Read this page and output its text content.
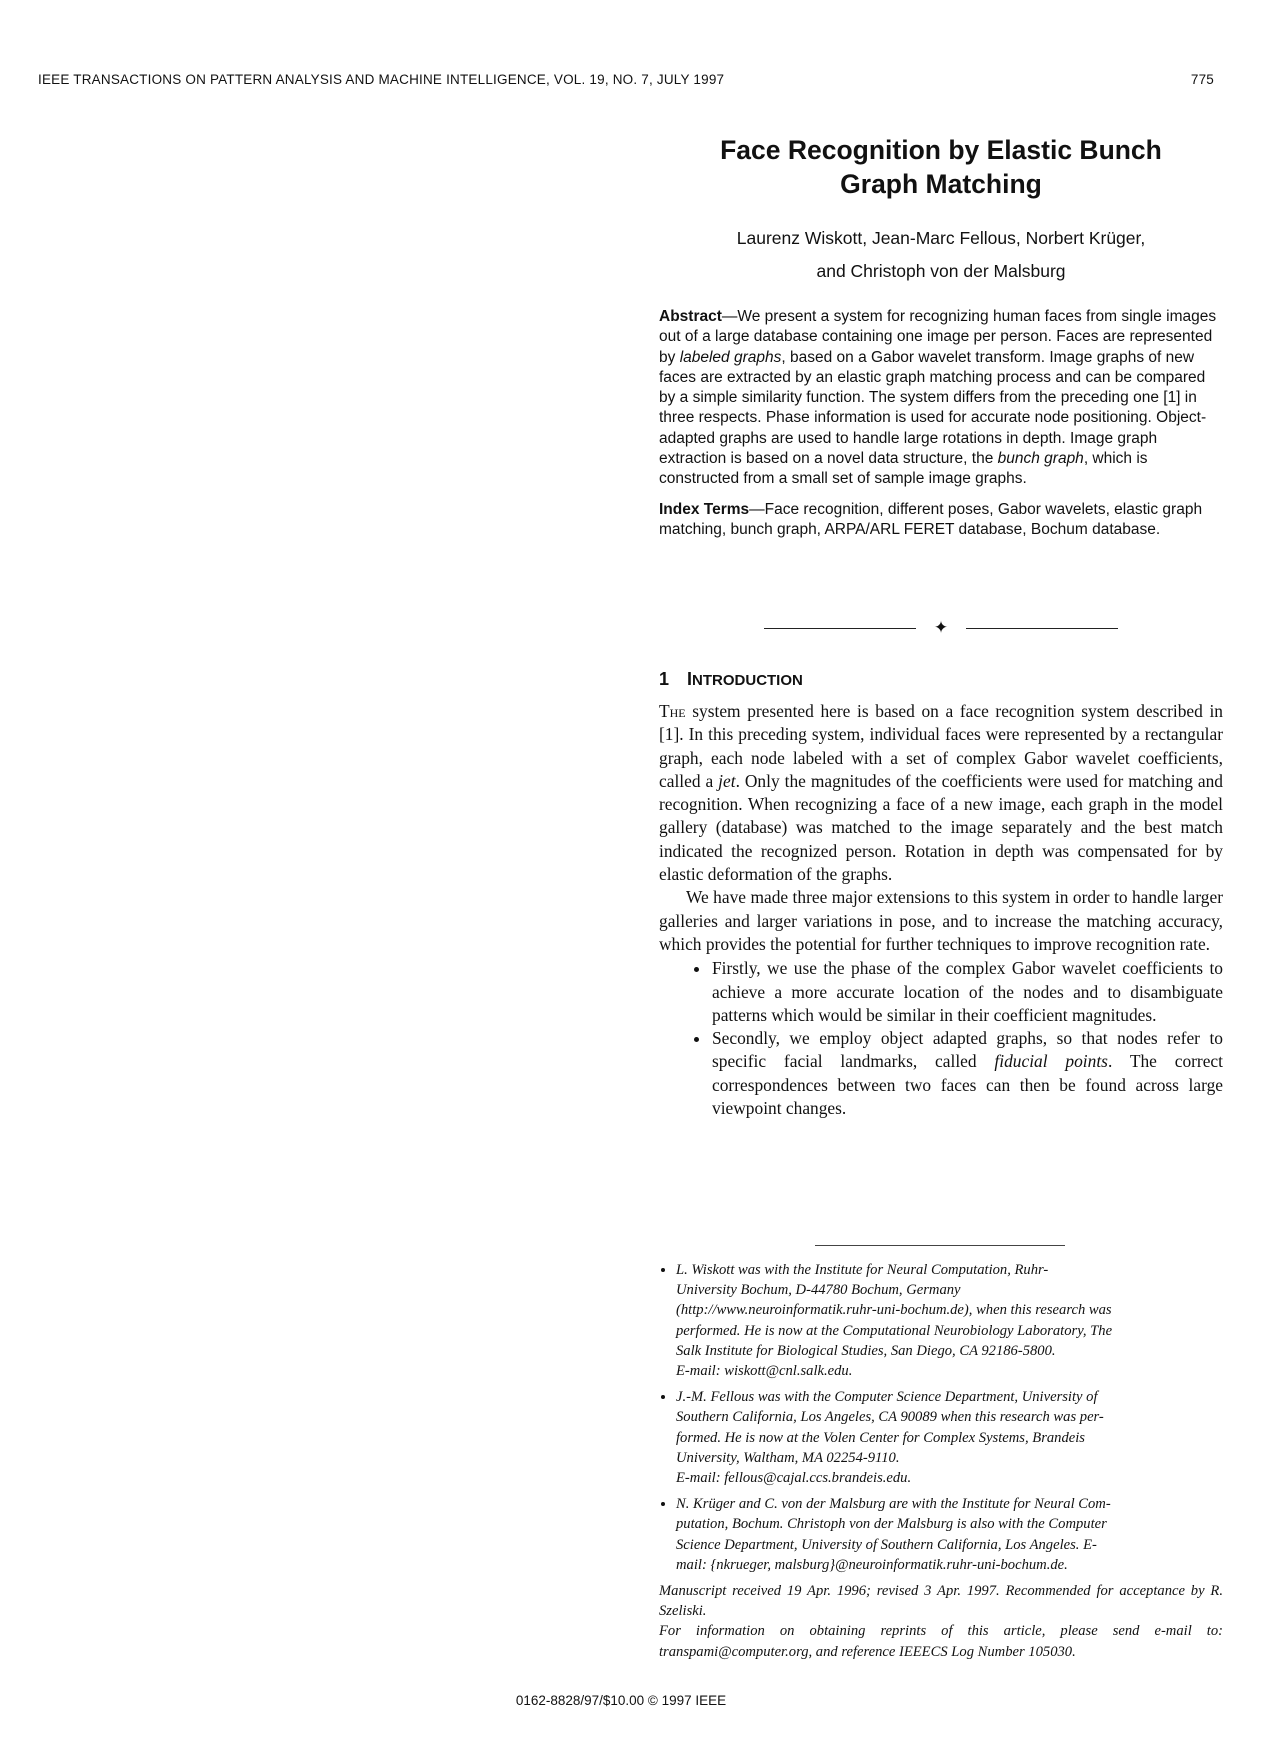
IEEE TRANSACTIONS ON PATTERN ANALYSIS AND MACHINE INTELLIGENCE, VOL. 19, NO. 7, JULY 1997	775
Face Recognition by Elastic Bunch
Graph Matching
Laurenz Wiskott, Jean-Marc Fellous, Norbert Krüger,
and Christoph von der Malsburg

Abstract—We present a system for recognizing human faces from single images out of a large database containing one image per person. Faces are represented by labeled graphs, based on a Gabor wavelet transform. Image graphs of new faces are extracted by an elastic graph matching process and can be compared by a simple similarity function. The system differs from the preceding one [1] in three respects. Phase information is used for accurate node positioning. Object-adapted graphs are used to handle large rotations in depth. Image graph extraction is based on a novel data structure, the bunch graph, which is constructed from a small set of sample image graphs.

Index Terms—Face recognition, different poses, Gabor wavelets, elastic graph matching, bunch graph, ARPA/ARL FERET database, Bochum database.

✦
1 INTRODUCTION

The system presented here is based on a face recognition system described in [1]. In this preceding system, individual faces were represented by a rectangular graph, each node labeled with a set of complex Gabor wavelet coefficients, called a jet. Only the magnitudes of the coefficients were used for matching and recognition. When recognizing a face of a new image, each graph in the model gallery (database) was matched to the image separately and the best match indicated the recognized person. Rotation in depth was compensated for by elastic deformation of the graphs.

We have made three major extensions to this system in order to handle larger galleries and larger variations in pose, and to increase the matching accuracy, which provides the potential for further techniques to improve recognition rate.

• Firstly, we use the phase of the complex Gabor wavelet coefficients to achieve a more accurate location of the nodes and to disambiguate patterns which would be similar in their coefficient magnitudes.
• Secondly, we employ object adapted graphs, so that nodes refer to specific facial landmarks, called fiducial points. The correct correspondences between two faces can then be found across large viewpoint changes.
• L. Wiskott was with the Institute for Neural Computation, Ruhr-
University Bochum, D-44780 Bochum, Germany
(http://www.neuroinformatik.ruhr-uni-bochum.de), when this research was
performed. He is now at the Computational Neurobiology Laboratory, The
Salk Institute for Biological Studies, San Diego, CA 92186-5800.
E-mail: wiskott@cnl.salk.edu.
• J.-M. Fellous was with the Computer Science Department, University of
Southern California, Los Angeles, CA 90089 when this research was per-
formed. He is now at the Volen Center for Complex Systems, Brandeis
University, Waltham, MA 02254-9110.
E-mail: fellous@cajal.ccs.brandeis.edu.
• N. Krüger and C. von der Malsburg are with the Institute for Neural Com-
putation, Bochum. Christoph von der Malsburg is also with the Computer
Science Department, University of Southern California, Los Angeles. E-
mail: {nkrueger, malsburg}@neuroinformatik.ruhr-uni-bochum.de.

Manuscript received 19 Apr. 1996; revised 3 Apr. 1997. Recommended for acceptance by R. Szeliski.

For information on obtaining reprints of this article, please send e-mail to: transpami@computer.org, and reference IEEECS Log Number 105030.

0162-8828/97/$10.00 © 1997 IEEE
